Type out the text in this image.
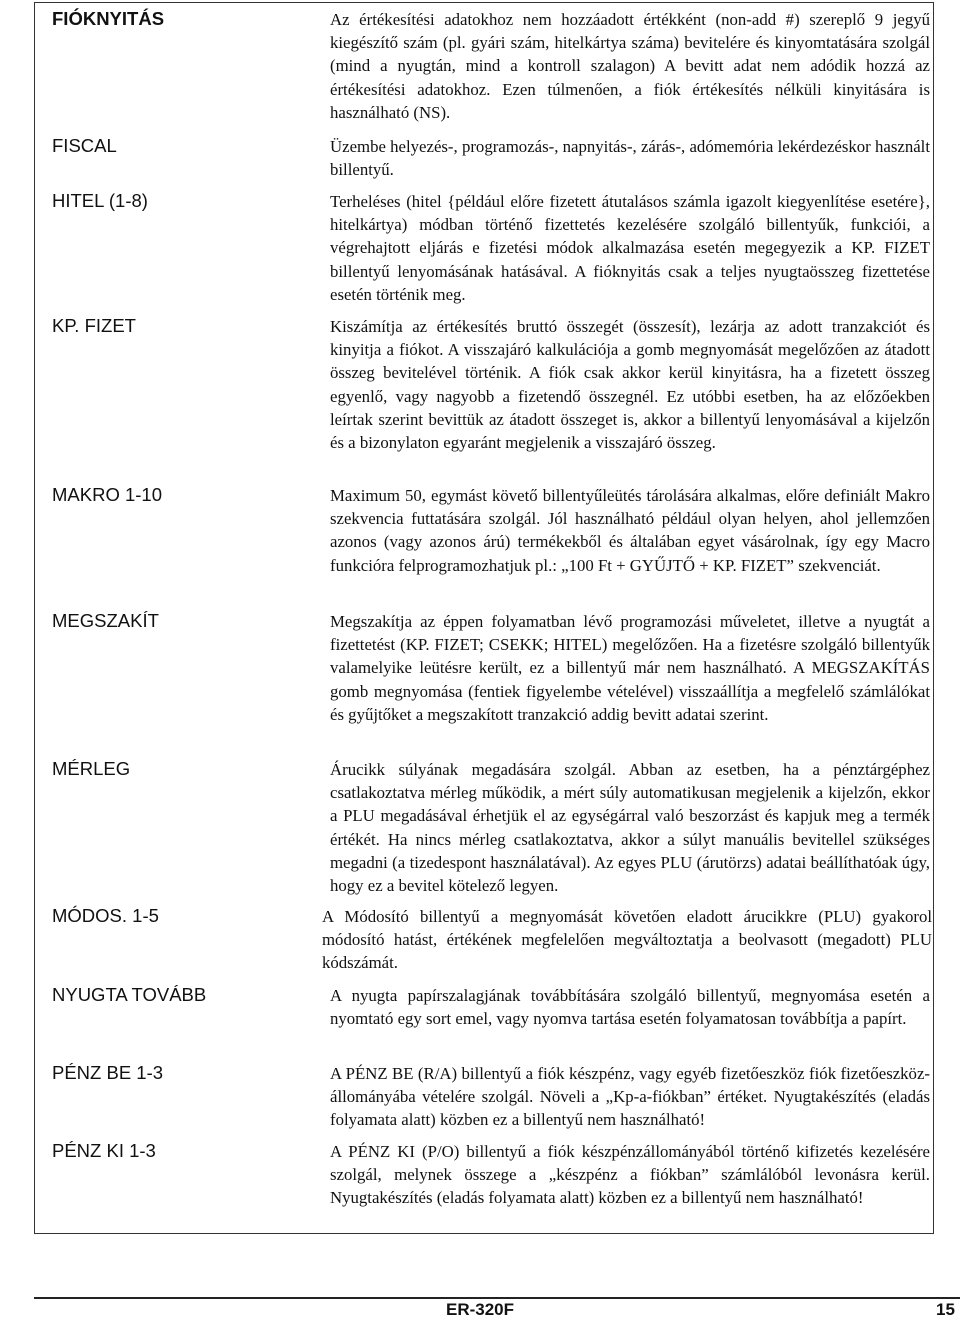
FIÓKNYITÁS	Az értékesítési adatokhoz nem hozzáadott értékként (non-add #) szereplő 9 jegyű kiegészítő szám (pl. gyári szám, hitelkártya száma) bevitelére és kinyomtatására szolgál (mind a nyugtán, mind a kontroll szalagon) A bevitt adat nem adódik hozzá az értékesítési adatokhoz. Ezen túlmenően, a fiók értékesítés nélküli kinyitására is használható (NS).
FISCAL	Üzembe helyezés-, programozás-, napnyitás-, zárás-, adómemória lekérdezéskor használt billentyű.
HITEL (1-8)	Terheléses (hitel {például előre fizetett átutalásos számla igazolt kiegyenlítése esetére}, hitelkártya) módban történő fizettetés kezelésére szolgáló billentyűk, funkciói, a végrehajtott eljárás e fizetési módok alkalmazása esetén megegyezik a KP. FIZET billentyű lenyomásának hatásával. A fióknyitás csak a teljes nyugtaösszeg fizettetése esetén történik meg.
KP. FIZET	Kiszámítja az értékesítés bruttó összegét (összesít), lezárja az adott tranzakciót és kinyitja a fiókot. A visszajáró kalkulációja a gomb megnyomását megelőzően az átadott összeg bevitelével történik. A fiók csak akkor kerül kinyitásra, ha a fizetett összeg egyenlő, vagy nagyobb a fizetendő összegnél. Ez utóbbi esetben, ha az előzőekben leírtak szerint bevittük az átadott összeget is, akkor a billentyű lenyomásával a kijelzőn és a bizonylaton egyaránt megjelenik a visszajáró összeg.
MAKRO 1-10	Maximum 50, egymást követő billentyűleütés tárolására alkalmas, előre definiált Makro szekvencia futtatására szolgál. Jól használható például olyan helyen, ahol jellemzően azonos (vagy azonos árú) termékekből és általában egyet vásárolnak, így egy Macro funkcióra felprogramozhatjuk pl.: „100 Ft + GYŰJTŐ + KP. FIZET” szekvenciát.
MEGSZAKÍT	Megszakítja az éppen folyamatban lévő programozási műveletet, illetve a nyugtát a fizettetést (KP. FIZET; CSEKK; HITEL) megelőzően. Ha a fizetésre szolgáló billentyűk valamelyike leütésre került, ez a billentyű már nem használható. A MEGSZAKÍTÁS gomb megnyomása (fentiek figyelembe vételével) visszaállítja a megfelelő számlálókat és gyűjtőket a megszakított tranzakció addig bevitt adatai szerint.
MÉRLEG	Árucikk súlyának megadására szolgál. Abban az esetben, ha a pénztárgéphez csatlakoztatva mérleg működik, a mért súly automatikusan megjelenik a kijelzőn, ekkor a PLU megadásával érhetjük el az egységárral való beszorzást és kapjuk meg a termék értékét. Ha nincs mérleg csatlakoztatva, akkor a súlyt manuális bevitellel szükséges megadni (a tizedespont használatával). Az egyes PLU (árutörzs) adatai beállíthatóak úgy, hogy ez a bevitel kötelező legyen.
MÓDOS. 1-5	A Módosító billentyű a megnyomását követően eladott árucikkre (PLU) gyakorol módosító hatást, értékének megfelelően megváltoztatja a beolvasott (megadott) PLU kódszámát.
NYUGTA TOVÁBB	A nyugta papírszalagjának továbbítására szolgáló billentyű, megnyomása esetén a nyomtató egy sort emel, vagy nyomva tartása esetén folyamatosan továbbítja a papírt.
PÉNZ BE 1-3	A PÉNZ BE (R/A) billentyű a fiók készpénz, vagy egyéb fizetőeszköz fiók fizetőeszköz-állományába vételére szolgál. Növeli a „Kp-a-fiókban” értéket. Nyugtakészítés (eladás folyamata alatt) közben ez a billentyű nem használható!
PÉNZ KI 1-3	A PÉNZ KI (P/O) billentyű a fiók készpénzállományából történő kifizetés kezelésére szolgál, melynek összege a „készpénz a fiókban” számlálóból levonásra kerül. Nyugtakészítés (eladás folyamata alatt) közben ez a billentyű nem használható!
ER-320F	15
